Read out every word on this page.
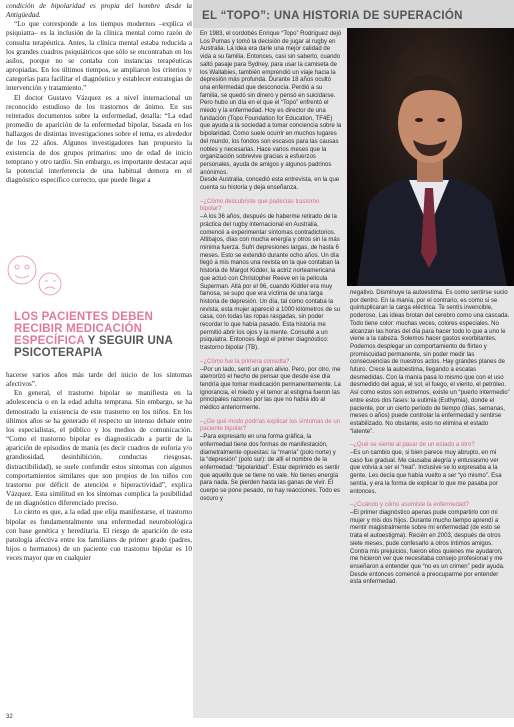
condición de bipolaridad es propia del hombre desde la Antigüedad.

“Lo que corresponde a los tiempos modernos –explica el psiquiatra– es la inclusión de la clínica mental como razón de consulta terapéutica. Antes, la clínica mental estaba reducida a los grandes cuadros psiquiátricos que sólo se encontraban en los asilos, porque no se contaba con instancias terapéuticas apropiadas. En los últimos tiempos, se ampliaron los criterios y categorías para facilitar el diagnóstico y establecer estrategias de intervención y tratamiento.”

El doctor Gustavo Vázquez es a nivel internacional un reconocido estudioso de los trastornos de ánimo. En sus reiterados documentos sobre la enfermedad, detalla: “La edad promedio de aparición de la enfermedad bipolar, basada en los hallazgos de distintas investigaciones sobre el tema, es alrededor de los 22 años. Algunos investigadores han propuesto la existencia de dos grupos primarios: uno de edad de inicio temprano y otro tardío. Sin embargo, es importante destacar aquí la potencial interferencia de una habitual demora en el diagnóstico específico correcto, que puede llegar a

LOS PACIENTES DEBEN RECIBIR MEDICACIÓN ESPECÍFICA Y SEGUIR UNA PSICOTERAPIA

hacerse varios años más tarde del inicio de los síntomas afectivos”.

En general, el trastorno bipolar se manifiesta en la adolescencia o en la edad adulta temprana. Sin embargo, se ha demostrado la existencia de este trastorno en los niños. En los últimos años se ha generado el respecto un intenso debate entre los especialistas, el público y los medios de comunicación. “Como el trastorno bipolar es diagnosticado a partir de la aparición de episodios de manía (es decir cuadros de euforia y/o grandiosidad, desinhibición, conductas riesgosas, distractibilidad), se suele confundir estos síntomas con algunos comportamientos similares que son propios de los niños con trastorno por déficit de atención e hiperactividad”, explica Vázquez. Esta similitud en los síntomas complica la posibilidad de un diagnóstico diferenciado preciso.

Lo cierto es que, a la edad que elija manifestarse, el trastorno bipolar es fundamentalmente una enfermedad neurobiológica con base genética y hereditaria. El riesgo de aparición de esta patología afectiva entre los familiares de primer grado (padres, hijos o hermanos) de un paciente con trastorno bipolar es 10 veces mayor que en cualquier

32
EL “TOPO”: UNA HISTORIA DE SUPERACIÓN

En 1983, el cordobés Enrique “Topo” Rodríguez dejó Los Pumas y tomó la decisión de jugar al rugby en Australia. La idea era darle una mejor calidad de vida a su familia. Entonces, casi sin saberlo, cuando saltó pasaje para Sydney, para usar la camiseta de los Wallabies, también emprendió un viaje hacia la depresión más profunda. Durante 18 años ocultó una enfermedad que desconocía. Perdió a su familia, se quedó sin dinero y pensó en suicidarse. Pero hubo un día en el que el “Topo” enfrentó el miedo y la enfermedad. Hoy es director de una fundación (Topo Foundation for Education, TF4E) que ayuda a la sociedad a tomar conciencia sobre la bipolaridad. Como suele ocurrir en muchos lugares del mundo, los fondos son escasos para las causas nobles y necesarias. Hace varios meses que la organización sobrevive gracias a esfuerzos personales, ayuda de amigos y algunos padrinos anónimos.

Desde Australia, concedió esta entrevista, en la que cuenta su historia y deja enseñanza.

–¿Cómo descubriste que padecías trastorno bipolar?

–A los 36 años, después de haberme retirado de la práctica del rugby internacional en Australia, comencé a experimentar síntomas contradictorios. Altibajos, días con mucha energía y otros sin la más mínima fuerza. Sufrí depresiones largas, de hasta 6 meses. Esto se extendió durante ocho años. Un día llegó a mis manos una revista en la que contaban la historia de Margot Kidder, la actriz norteamericana que actuó con Christopher Reeve en la película Superman. Allá por el 96, cuando Kidder era muy famosa, se supo que era víctima de una larga historia de depresión. Un día, tal como contaba la revista, esta mujer apareció a 1000 kilómetros de su casa, con todas las ropas rasgadas, sin poder recordar lo que había pasado. Esta historia me permitió abrir los ojos y la mente. Consulté a un psiquiatra. Entonces llegó el primer diagnóstico: trastorno bipolar (TB).

–¿Cómo fue la primera consulta?

–Por un lado, sentí un gran alivio. Pero, por otro, me aterrorizó el hecho de pensar que desde ese día tendría que tomar medicación permanentemente. La ignorancia, el miedo y el temor al estigma fueron las principales razones por las que no había ido al médico anteriormente.

–¿De qué modo podrías explicar los síntomas de un paciente bipolar?

–Para expresarlo en una forma gráfica, la enfermedad tiene dos formas de manifestación, diametralmente opuestas: la “manía” (polo norte) y la “depresión” (polo sur): de allí el nombre de la enfermedad: “bipolaridad”. Estar deprimido es sentir que aquello que se tiene no vale. No tienes energía para nada. Se pierden hasta las ganas de vivir. El cuerpo se pone pesado, no hay reacciones. Todo es oscuro y

negativo. Disminuye la autoestima. Es como sentirse sucio por dentro. En la manía, por el contrario, es como si se quintuplicaran la carga eléctrica. Te sentís invencible, poderoso. Las ideas brotan del cerebro como una cascada. Todo tiene color: muchas veces, colores especiales. No alcanzan las horas del día para hacer todo lo que a uno le viene a la cabeza. Solemos hacer gastos exorbitantes. Podemos desplegar un comportamiento de flirteo y promiscuidad permanente, sin poder medir las consecuencias de nuestros actos. Hay grandes planes de futuro. Crece la autoestima, llegando a escalas desmedidas. Con la manía pasa lo mismo que con el uso desmedido del agua, el sol, el fuego, el viento, el petróleo. Así como estos son extremos, existe un “puerto intermedio” entre estos dos fases: la eutimia (Euthymia), donde el paciente, por un cierto período de tiempo (días, semanas, meses o años) puede controlar la enfermedad y sentirse estabilizado. No obstante, esto no elimina el estado “latente”.

–¿Qué se siente al pasar de un estado a otro?

–Es un cambio que, si bien parece muy abrupto, en mi caso fue gradual. Me causaba alegría y entusiasmo ver que volvía a ser el “real”. Inclusive se lo expresaba a la gente. Les decía que había vuelto a ser “yo mismo”. Esa sentía, y era la forma de explicar lo que me pasaba por entonces.

–¿Cuándo y cómo asumiste la enfermedad?

–El primer diagnóstico apenas pude compartirlo con mi mujer y mis dos hijos. Durante mucho tiempo aprendí a mentir magistralmente sobre mi enfermedad (de esto se trata el autoestigma). Recién en 2003, después de otros siete meses, pude confesarlo a otros íntimos amigos. Contra mis prejuicios, fueron ellos quienes me ayudaron, me hicieron ver que necesitaba consejo profesional y me enseñaron a entender que “no es un crimen” pedir ayuda. Desde entonces comencé a preocuparme por entender esta enfermedad.
